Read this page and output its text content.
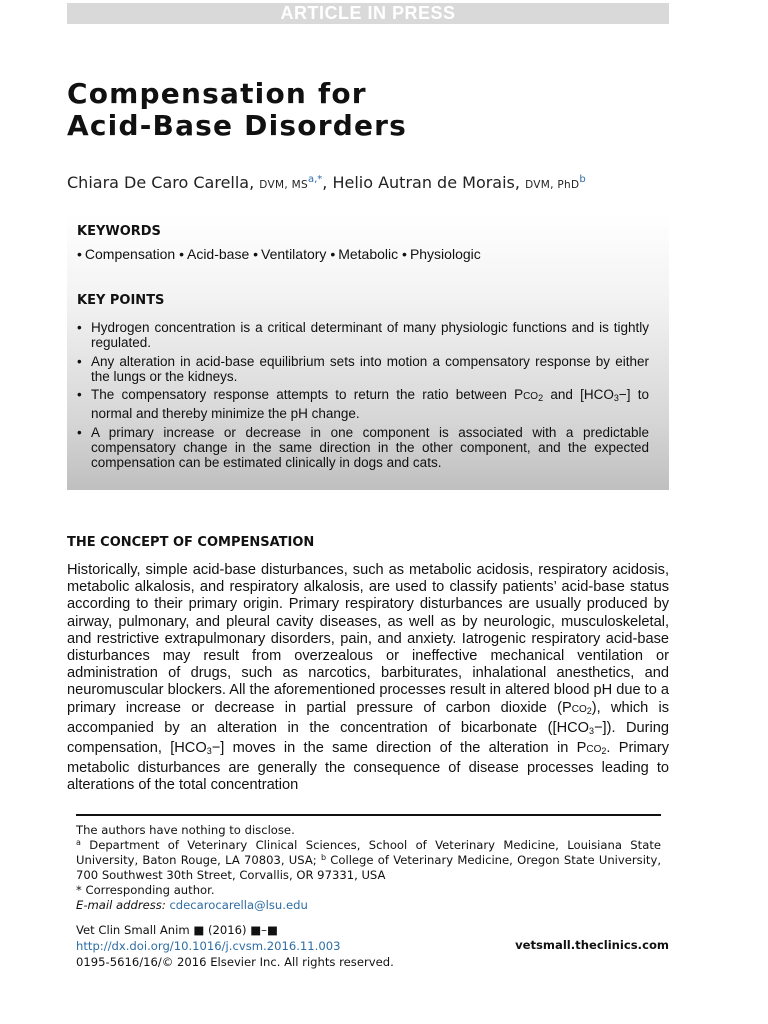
ARTICLE IN PRESS
Compensation for
Acid-Base Disorders
Chiara De Caro Carella, DVM, $MS^{a,*}$, Helio Autran de Morais, DVM, PhD$^b$
KEYWORDS
• Compensation • Acid-base • Ventilatory • Metabolic • Physiologic
KEY POINTS
• Hydrogen concentration is a critical determinant of many physiologic functions and is tightly regulated.
• Any alteration in acid-base equilibrium sets into motion a compensatory response by either the lungs or the kidneys.
• The compensatory response attempts to return the ratio between $PCO_2$ and $[HCO_3-]$ to normal and thereby minimize the pH change.
• A primary increase or decrease in one component is associated with a predictable compensatory change in the same direction in the other component, and the expected compensation can be estimated clinically in dogs and cats.
THE CONCEPT OF COMPENSATION

Historically, simple acid-base disturbances, such as metabolic acidosis, respiratory acidosis, metabolic alkalosis, and respiratory alkalosis, are used to classify patients’ acid-base status according to their primary origin. Primary respiratory disturbances are usually produced by airway, pulmonary, and pleural cavity diseases, as well as by neurologic, musculoskeletal, and restrictive extrapulmonary disorders, pain, and anxiety. Iatrogenic respiratory acid-base disturbances may result from overzealous or ineffective mechanical ventilation or administration of drugs, such as narcotics, barbiturates, inhalational anesthetics, and neuromuscular blockers. All the aforementioned processes result in altered blood pH due to a primary increase or decrease in partial pressure of carbon dioxide $(PCO_2)$, which is accompanied by an alteration in the concentration of bicarbonate $([HCO_3-])$. During compensation, $[HCO_3-]$ moves in the same direction of the alteration in $PCO_2$. Primary metabolic disturbances are generally the consequence of disease processes leading to alterations of the total concentration

The authors have nothing to disclose.

$^a$ Department of Veterinary Clinical Sciences, School of Veterinary Medicine, Louisiana State University, Baton Rouge, LA 70803, USA; $^b$ College of Veterinary Medicine, Oregon State University, 700 Southwest 30th Street, Corvallis, OR 97331, USA

* Corresponding author.

E-mail address: cdecarocarella@lsu.edu

Vet Clin Small Anim ■ (2016) ■–■
http://dx.doi.org/10.1016/j.cvsm.2016.11.003
0195-5616/16/© 2016 Elsevier Inc. All rights reserved.
vetsmall.theclinics.com
